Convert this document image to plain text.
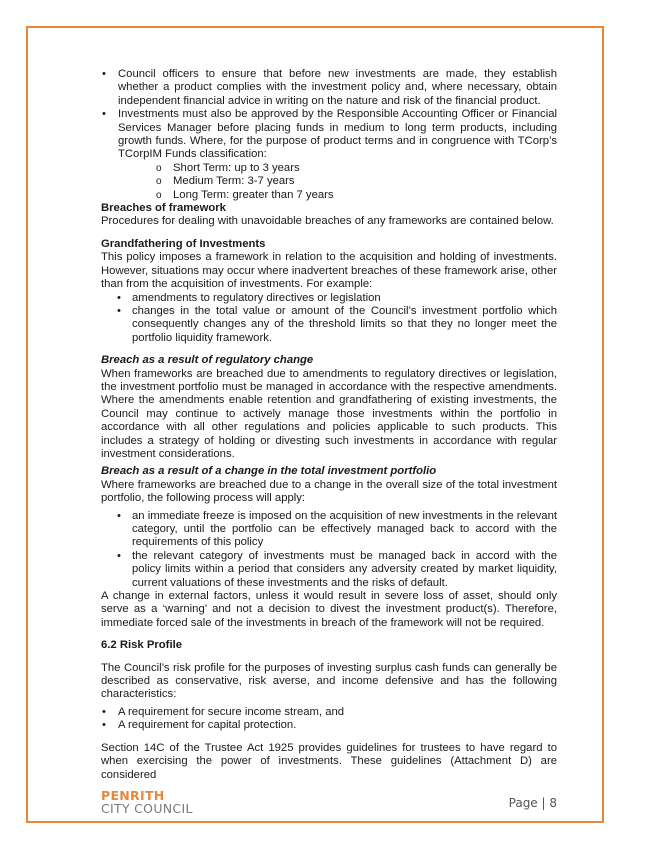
• Council officers to ensure that before new investments are made, they establish whether a product complies with the investment policy and, where necessary, obtain independent financial advice in writing on the nature and risk of the financial product.
• Investments must also be approved by the Responsible Accounting Officer or Financial Services Manager before placing funds in medium to long term products, including growth funds. Where, for the purpose of product terms and in congruence with TCorp’s TCorpIM Funds classification:
o Short Term: up to 3 years
o Medium Term: 3-7 years
o Long Term: greater than 7 years

Breaches of framework

Procedures for dealing with unavoidable breaches of any frameworks are contained below.

Grandfathering of Investments

This policy imposes a framework in relation to the acquisition and holding of investments. However, situations may occur where inadvertent breaches of these framework arise, other than from the acquisition of investments. For example:

• amendments to regulatory directives or legislation
• changes in the total value or amount of the Council’s investment portfolio which consequently changes any of the threshold limits so that they no longer meet the portfolio liquidity framework.

Breach as a result of regulatory change

When frameworks are breached due to amendments to regulatory directives or legislation, the investment portfolio must be managed in accordance with the respective amendments. Where the amendments enable retention and grandfathering of existing investments, the Council may continue to actively manage those investments within the portfolio in accordance with all other regulations and policies applicable to such products. This includes a strategy of holding or divesting such investments in accordance with regular investment considerations.

Breach as a result of a change in the total investment portfolio

Where frameworks are breached due to a change in the overall size of the total investment portfolio, the following process will apply:

• an immediate freeze is imposed on the acquisition of new investments in the relevant category, until the portfolio can be effectively managed back to accord with the requirements of this policy
• the relevant category of investments must be managed back in accord with the policy limits within a period that considers any adversity created by market liquidity, current valuations of these investments and the risks of default.

A change in external factors, unless it would result in severe loss of asset, should only serve as a ‘warning’ and not a decision to divest the investment product(s). Therefore, immediate forced sale of the investments in breach of the framework will not be required.

6.2 Risk Profile

The Council’s risk profile for the purposes of investing surplus cash funds can generally be described as conservative, risk averse, and income defensive and has the following characteristics:

• A requirement for secure income stream, and
• A requirement for capital protection.

Section 14C of the Trustee Act 1925 provides guidelines for trustees to have regard to when exercising the power of investments. These guidelines (Attachment D) are considered

PENRITH
CITY COUNCIL	Page | 8
